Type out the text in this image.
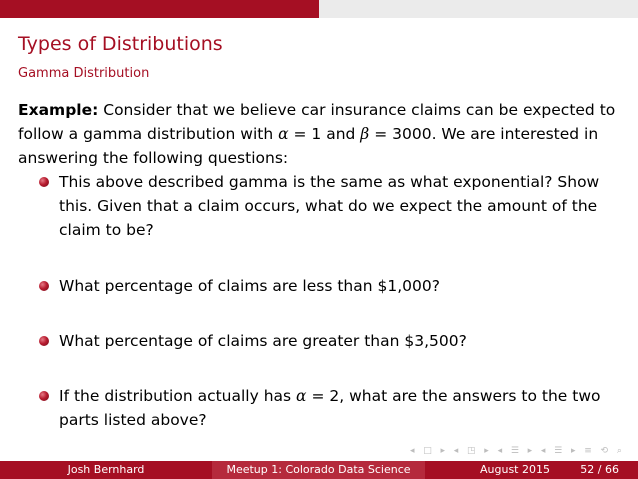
Types of Distributions
Gamma Distribution

Example: Consider that we believe car insurance claims can be expected to follow a gamma distribution with α = 1 and β = 3000. We are interested in answering the following questions:

This above described gamma is the same as what exponential? Show this. Given that a claim occurs, what do we expect the amount of the claim to be?
What percentage of claims are less than $1,000?
What percentage of claims are greater than $3,500?
If the distribution actually has α = 2, what are the answers to the two parts listed above?
◂ □ ▸ ◂ ◳ ▸ ◂ ☰ ▸ ◂ ☰ ▸ ≡ ⟲ ⌕
Josh Bernhard	Meetup 1: Colorado Data Science	August 2015	52 / 66
